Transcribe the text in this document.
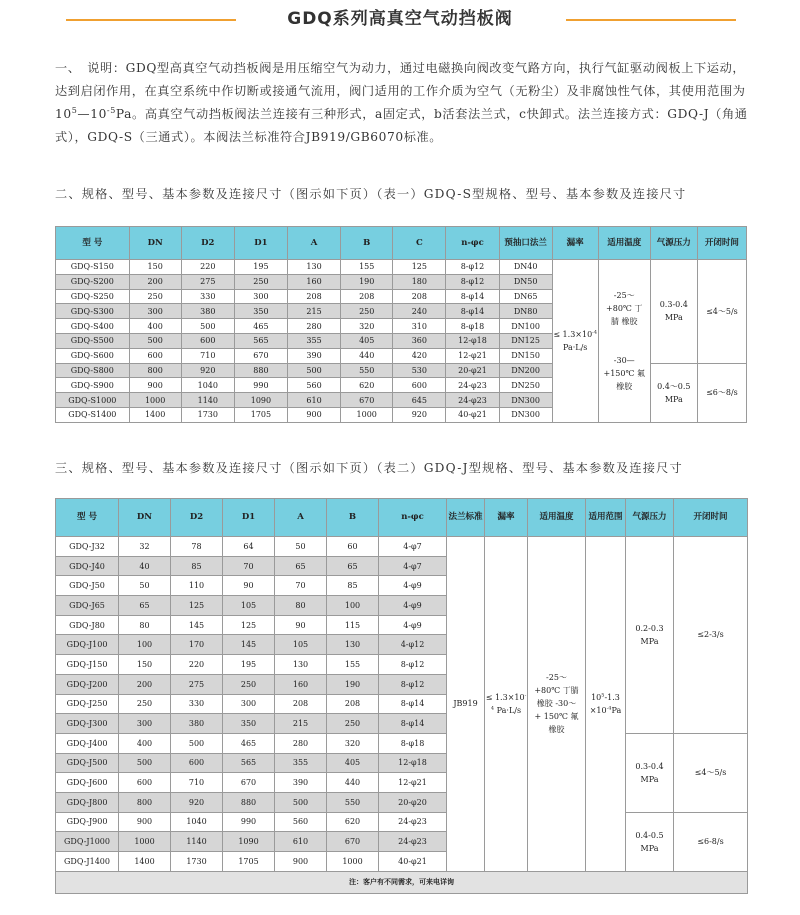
GDQ系列高真空气动挡板阀
一、　说明：GDQ型高真空气动挡板阀是用压缩空气为动力，通过电磁换向阀改变气路方向，执行气缸驱动阀板上下运动，达到启闭作用，在真空系统中作切断或接通气流用，阀门适用的工作介质为空气（无粉尘）及非腐蚀性气体，其使用范围为$10^5—10^{-5}Pa$。高真空气动挡板阀法兰连接有三种形式，a固定式，b活套法兰式，c快卸式。法兰连接方式：GDQ-J（角通式），GDQ-S（三通式）。本阀法兰标准符合JB919/GB6070标准。
二、规格、型号、基本参数及连接尺寸（图示如下页）（表一）GDQ-S型规格、型号、基本参数及连接尺寸
型 号	DN	D2	D1	A	B	C	n-φc	预抽口法兰	漏率	适用温度	气源压力	开闭时间
GDQ-S150	150	220	195	130	155	125	8-φ12	DN40	≤ $1.3\times 10^{-4}$ Pa·L/s	-25～ +80℃ 丁腈 橡胶
-30— +150℃ 氟橡胶	0.3-0.4 MPa	≤4～5/s
GDQ-S200	200	275	250	160	190	180	8-φ12	DN50				
GDQ-S250	250	330	300	208	208	208	8-φ14	DN65				
GDQ-S300	300	380	350	215	250	240	8-φ14	DN80				
GDQ-S400	400	500	465	280	320	310	8-φ18	DN100				
GDQ-S500	500	600	565	355	405	360	12-φ18	DN125				
GDQ-S600	600	710	670	390	440	420	12-φ21	DN150				
GDQ-S800	800	920	880	500	550	530	20-φ21	DN200			0.4～0.5 MPa	≤6～8/s
GDQ-S900	900	1040	990	560	620	600	24-φ23	DN250				
GDQ-S1000	1000	1140	1090	610	670	645	24-φ23	DN300				
GDQ-S1400	1400	1730	1705	900	1000	920	40-φ21	DN300				
三、规格、型号、基本参数及连接尺寸（图示如下页）（表二）GDQ-J型规格、型号、基本参数及连接尺寸
型 号	DN	D2	D1	A	B	n-φc	法兰标准	漏率	适用温度	适用范围	气源压力	开闭时间
GDQ-J32	32	78	64	50	60	4-φ7	JB919	≤ $1.3\times 10^{-4}$ Pa·L/s	-25～+80℃ 丁腈 橡胶 -30～+ 150℃ 氟橡胶	$10^5-1.3 \times 10^{-4}Pa$	0.2-0.3 MPa	≤2-3/s
GDQ-J40	40	85	70	65	65	4-φ7						
GDQ-J50	50	110	90	70	85	4-φ9						
GDQ-J65	65	125	105	80	100	4-φ9						
GDQ-J80	80	145	125	90	115	4-φ9						
GDQ-J100	100	170	145	105	130	4-φ12						
GDQ-J150	150	220	195	130	155	8-φ12						
GDQ-J200	200	275	250	160	190	8-φ12						
GDQ-J250	250	330	300	208	208	8-φ14						
GDQ-J300	300	380	350	215	250	8-φ14						
GDQ-J400	400	500	465	280	320	8-φ18					0.3-0.4 MPa	≤4～5/s
GDQ-J500	500	600	565	355	405	12-φ18						
GDQ-J600	600	710	670	390	440	12-φ21						
GDQ-J800	800	920	880	500	550	20-φ20						
GDQ-J900	900	1040	990	560	620	24-φ23					0.4-0.5 MPa	≤6-8/s
GDQ-J1000	1000	1140	1090	610	670	24-φ23						
GDQ-J1400	1400	1730	1705	900	1000	40-φ21						
注：客户有不同需求，可来电详询												
